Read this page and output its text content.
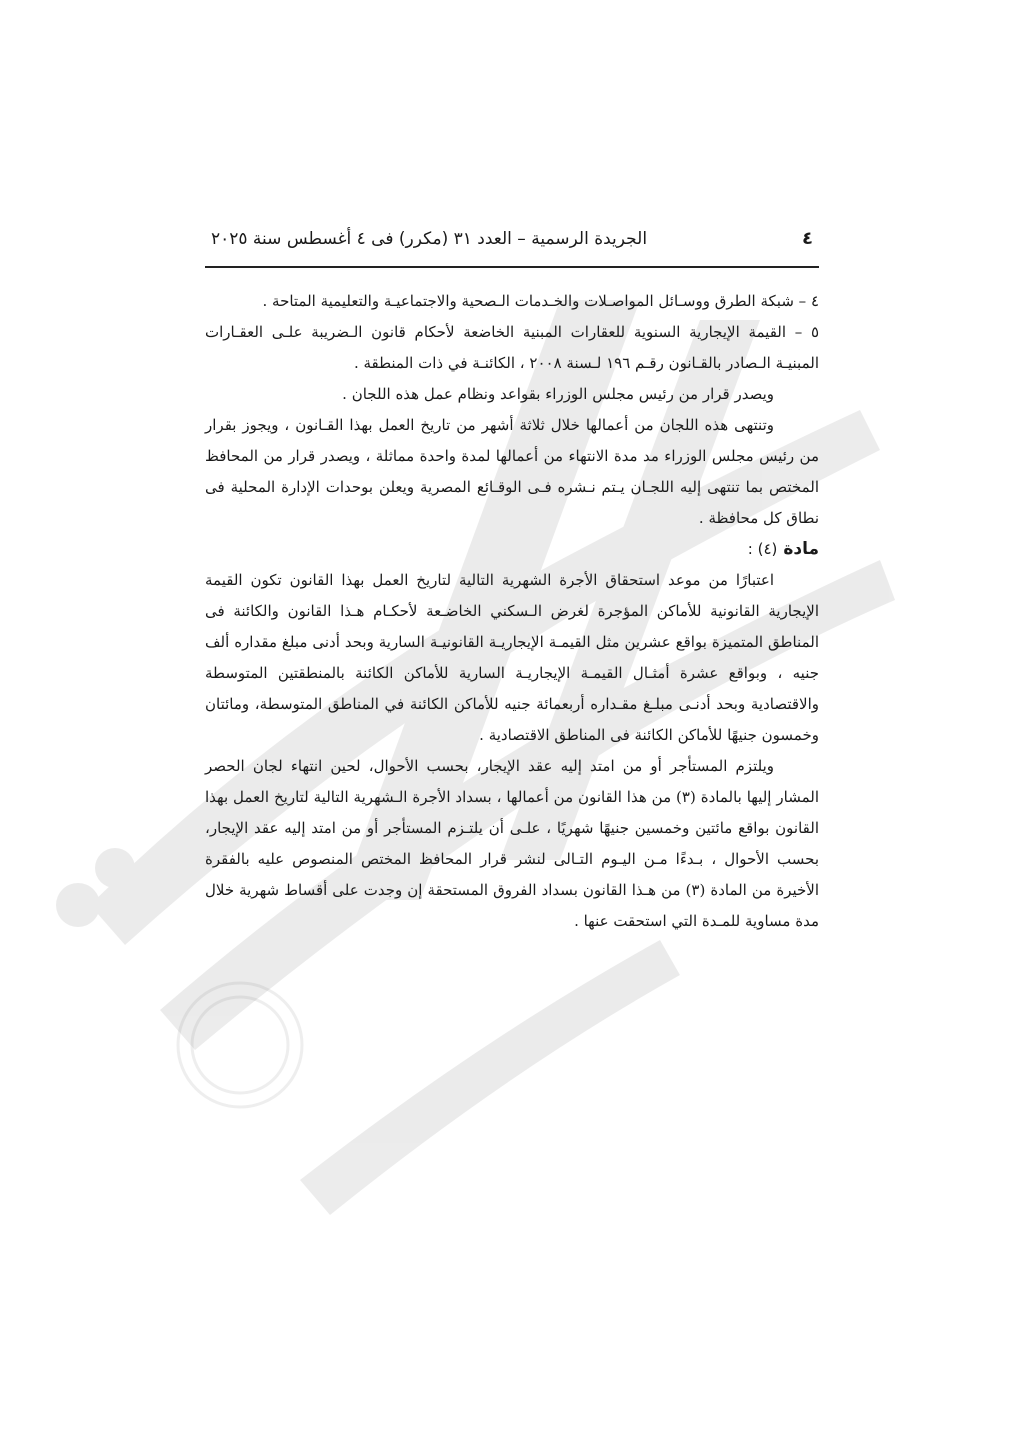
٤
الجريدة الرسمية – العدد ٣١ (مكرر) فى ٤ أغسطس سنة ٢٠٢٥

٤ – شبكة الطرق ووسـائل المواصـلات والخـدمات الـصحية والاجتماعيـة والتعليمية المتاحة .

٥ – القيمة الإيجارية السنوية للعقارات المبنية الخاضعة لأحكام قانون الـضريبة علـى العقـارات المبنيـة الـصادر بالقـانون رقـم ١٩٦ لـسنة ٢٠٠٨ ، الكائنـة في ذات المنطقة .

ويصدر قرار من رئيس مجلس الوزراء بقواعد ونظام عمل هذه اللجان .

وتنتهى هذه اللجان من أعمالها خلال ثلاثة أشهر من تاريخ العمل بهذا القـانون ، ويجوز بقرار من رئيس مجلس الوزراء مد مدة الانتهاء من أعمالها لمدة واحدة مماثلة ، ويصدر قرار من المحافظ المختص بما تنتهى إليه اللجـان يـتم نـشره فـى الوقـائع المصرية ويعلن بوحدات الإدارة المحلية فى نطاق كل محافظة .

مادة (٤) :

اعتبارًا من موعد استحقاق الأجرة الشهرية التالية لتاريخ العمل بهذا القانون تكون القيمة الإيجارية القانونية للأماكن المؤجرة لغرض الـسكني الخاضـعة لأحكـام هـذا القانون والكائنة فى المناطق المتميزة بواقع عشرين مثل القيمـة الإيجاريـة القانونيـة السارية وبحد أدنى مبلغ مقداره ألف جنيه ، وبواقع عشرة أمثـال القيمـة الإيجاريـة السارية للأماكن الكائنة بالمنطقتين المتوسطة والاقتصادية وبحد أدنـى مبلـغ مقـداره أربعمائة جنيه للأماكن الكائنة في المناطق المتوسطة، ومائتان وخمسون جنيهًا للأماكن الكائنة فى المناطق الاقتصادية .

ويلتزم المستأجر أو من امتد إليه عقد الإيجار، بحسب الأحوال، لحين انتهاء لجان الحصر المشار إليها بالمادة (٣) من هذا القانون من أعمالها ، بسداد الأجرة الـشهرية التالية لتاريخ العمل بهذا القانون بواقع مائتين وخمسين جنيهًا شهريًا ، علـى أن يلتـزم المستأجر أو من امتد إليه عقد الإيجار، بحسب الأحوال ، بـدءًا مـن اليـوم التـالى لنشر قرار المحافظ المختص المنصوص عليه بالفقرة الأخيرة من المادة (٣) من هـذا القانون بسداد الفروق المستحقة إن وجدت على أقساط شهرية خلال مدة مساوية للمـدة التي استحقت عنها .
